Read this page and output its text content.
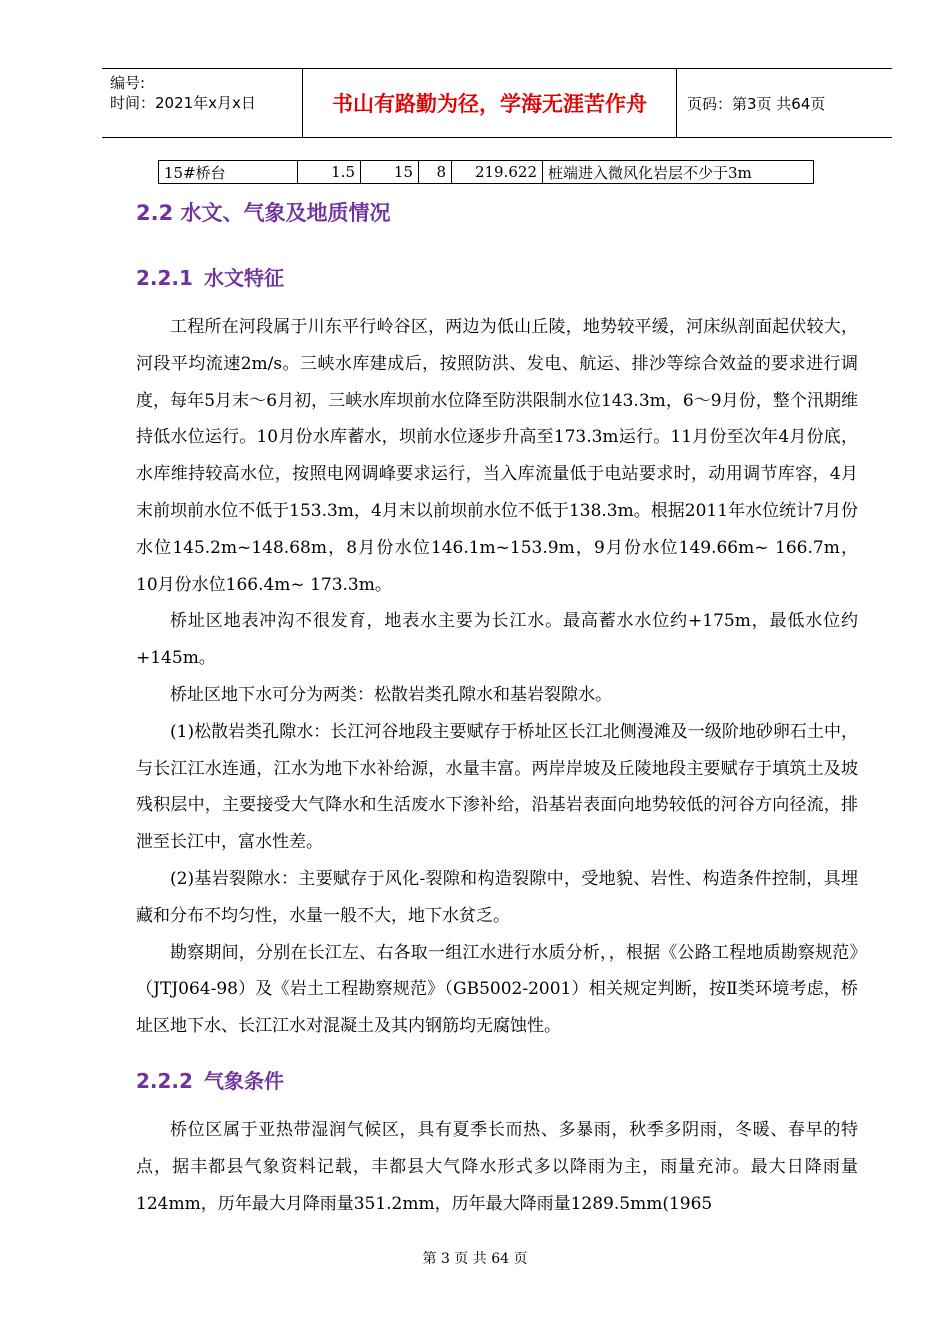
编号:
时间：2021年x月x日	书山有路勤为径，学海无涯苦作舟	页码：第3页 共64页
15#桥台	1.5	15	8	219.622	桩端进入微风化岩层不少于3m
2.2 水文、气象及地质情况
2.2.1 水文特征

工程所在河段属于川东平行岭谷区，两边为低山丘陵，地势较平缓，河床纵剖面起伏较大，河段平均流速2m/s。三峡水库建成后，按照防洪、发电、航运、排沙等综合效益的要求进行调度，每年5月末～6月初，三峡水库坝前水位降至防洪限制水位143.3m，6～9月份，整个汛期维持低水位运行。10月份水库蓄水，坝前水位逐步升高至173.3m运行。11月份至次年4月份底，水库维持较高水位，按照电网调峰要求运行，当入库流量低于电站要求时，动用调节库容，4月末前坝前水位不低于153.3m，4月末以前坝前水位不低于138.3m。根据2011年水位统计7月份水位145.2m~148.68m，8月份水位146.1m~153.9m，9月份水位149.66m~ 166.7m，10月份水位166.4m~ 173.3m。

桥址区地表冲沟不很发育，地表水主要为长江水。最高蓄水水位约+175m，最低水位约+145m。

桥址区地下水可分为两类：松散岩类孔隙水和基岩裂隙水。

(1)松散岩类孔隙水：长江河谷地段主要赋存于桥址区长江北侧漫滩及一级阶地砂卵石土中，与长江江水连通，江水为地下水补给源，水量丰富。两岸岸坡及丘陵地段主要赋存于填筑土及坡残积层中，主要接受大气降水和生活废水下渗补给，沿基岩表面向地势较低的河谷方向径流，排泄至长江中，富水性差。

(2)基岩裂隙水：主要赋存于风化-裂隙和构造裂隙中，受地貌、岩性、构造条件控制，具埋藏和分布不均匀性，水量一般不大，地下水贫乏。

勘察期间，分别在长江左、右各取一组江水进行水质分析，，根据《公路工程地质勘察规范》（JTJ064-98）及《岩土工程勘察规范》（GB5002-2001）相关规定判断，按Ⅱ类环境考虑，桥址区地下水、长江江水对混凝土及其内钢筋均无腐蚀性。

2.2.2 气象条件

桥位区属于亚热带湿润气候区，具有夏季长而热、多暴雨，秋季多阴雨，冬暖、春早的特点，据丰都县气象资料记载，丰都县大气降水形式多以降雨为主，雨量充沛。最大日降雨量124mm，历年最大月降雨量351.2mm，历年最大降雨量1289.5mm(1965

第 3 页 共 64 页
